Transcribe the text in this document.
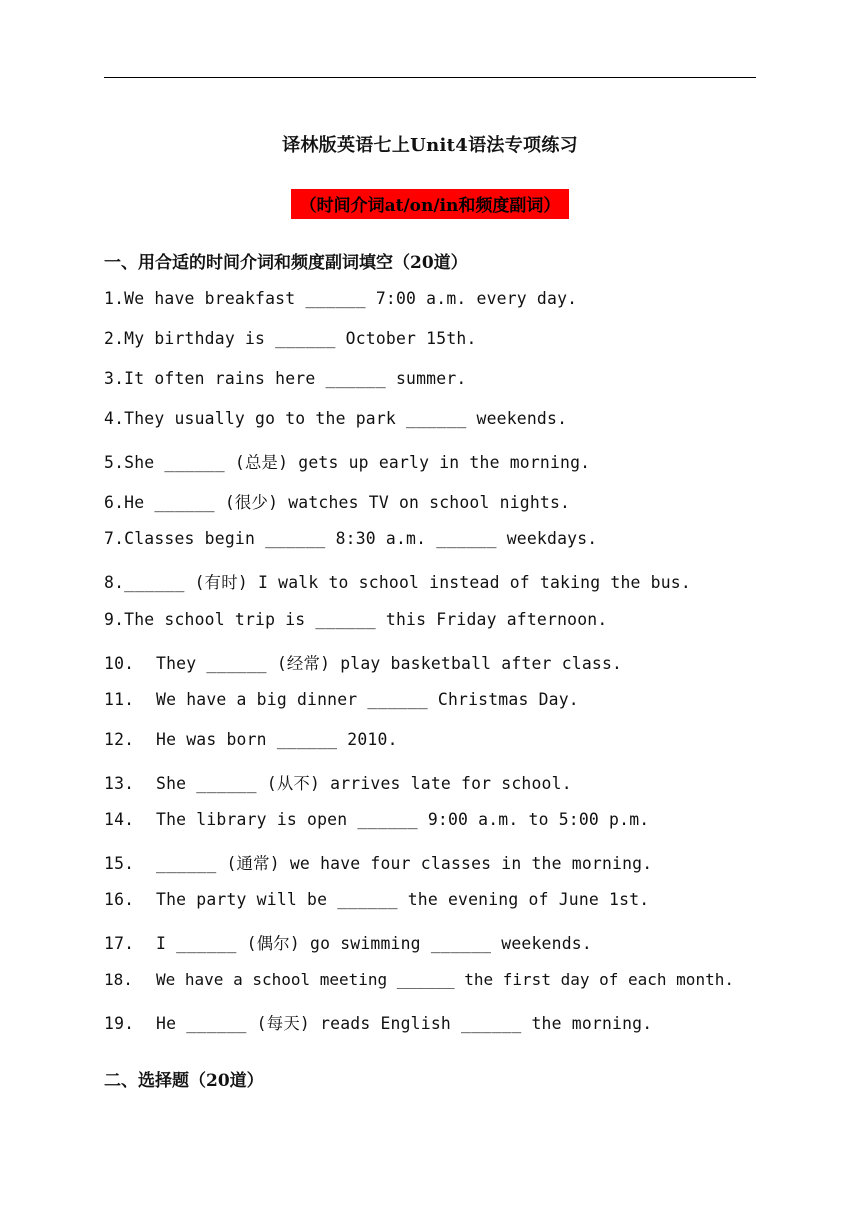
译林版英语七上Unit4语法专项练习
（时间介词at/on/in和频度副词）
一、用合适的时间介词和频度副词填空（20道）
1.We have breakfast ______ 7:00 a.m. every day.
2.My birthday is ______ October 15th.
3.It often rains here ______ summer.
4.They usually go to the park ______ weekends.
5.She ______ (总是) gets up early in the morning.
6.He ______ (很少) watches TV on school nights.
7.Classes begin ______ 8:30 a.m. ______ weekdays.
8.______ (有时) I walk to school instead of taking the bus.
9.The school trip is ______ this Friday afternoon.
10. They ______ (经常) play basketball after class.
11. We have a big dinner ______ Christmas Day.
12. He was born ______ 2010.
13. She ______ (从不) arrives late for school.
14. The library is open ______ 9:00 a.m. to 5:00 p.m.
15. ______ (通常) we have four classes in the morning.
16. The party will be ______ the evening of June 1st.
17. I ______ (偶尔) go swimming ______ weekends.
18. We have a school meeting ______ the first day of each month.
19. He ______ (每天) reads English ______ the morning.
二、选择题（20道）
